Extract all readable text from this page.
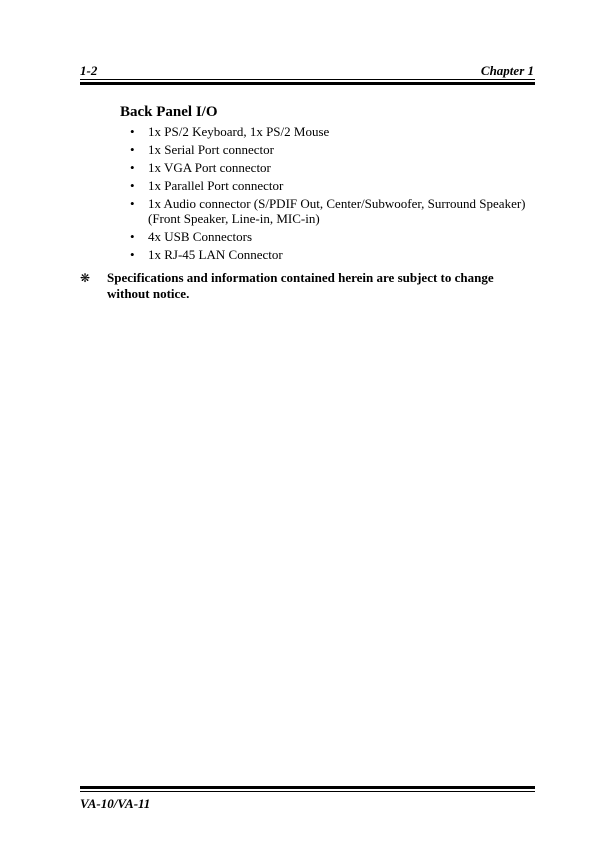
1-2	Chapter 1
Back Panel I/O
• 1x PS/2 Keyboard, 1x PS/2 Mouse
• 1x Serial Port connector
• 1x VGA Port connector
• 1x Parallel Port connector
• 1x Audio connector (S/PDIF Out, Center/Subwoofer, Surround Speaker) (Front Speaker, Line-in, MIC-in)
• 4x USB Connectors
• 1x RJ-45 LAN Connector
❋	Specifications and information contained herein are subject to change without notice.
VA-10/VA-11
